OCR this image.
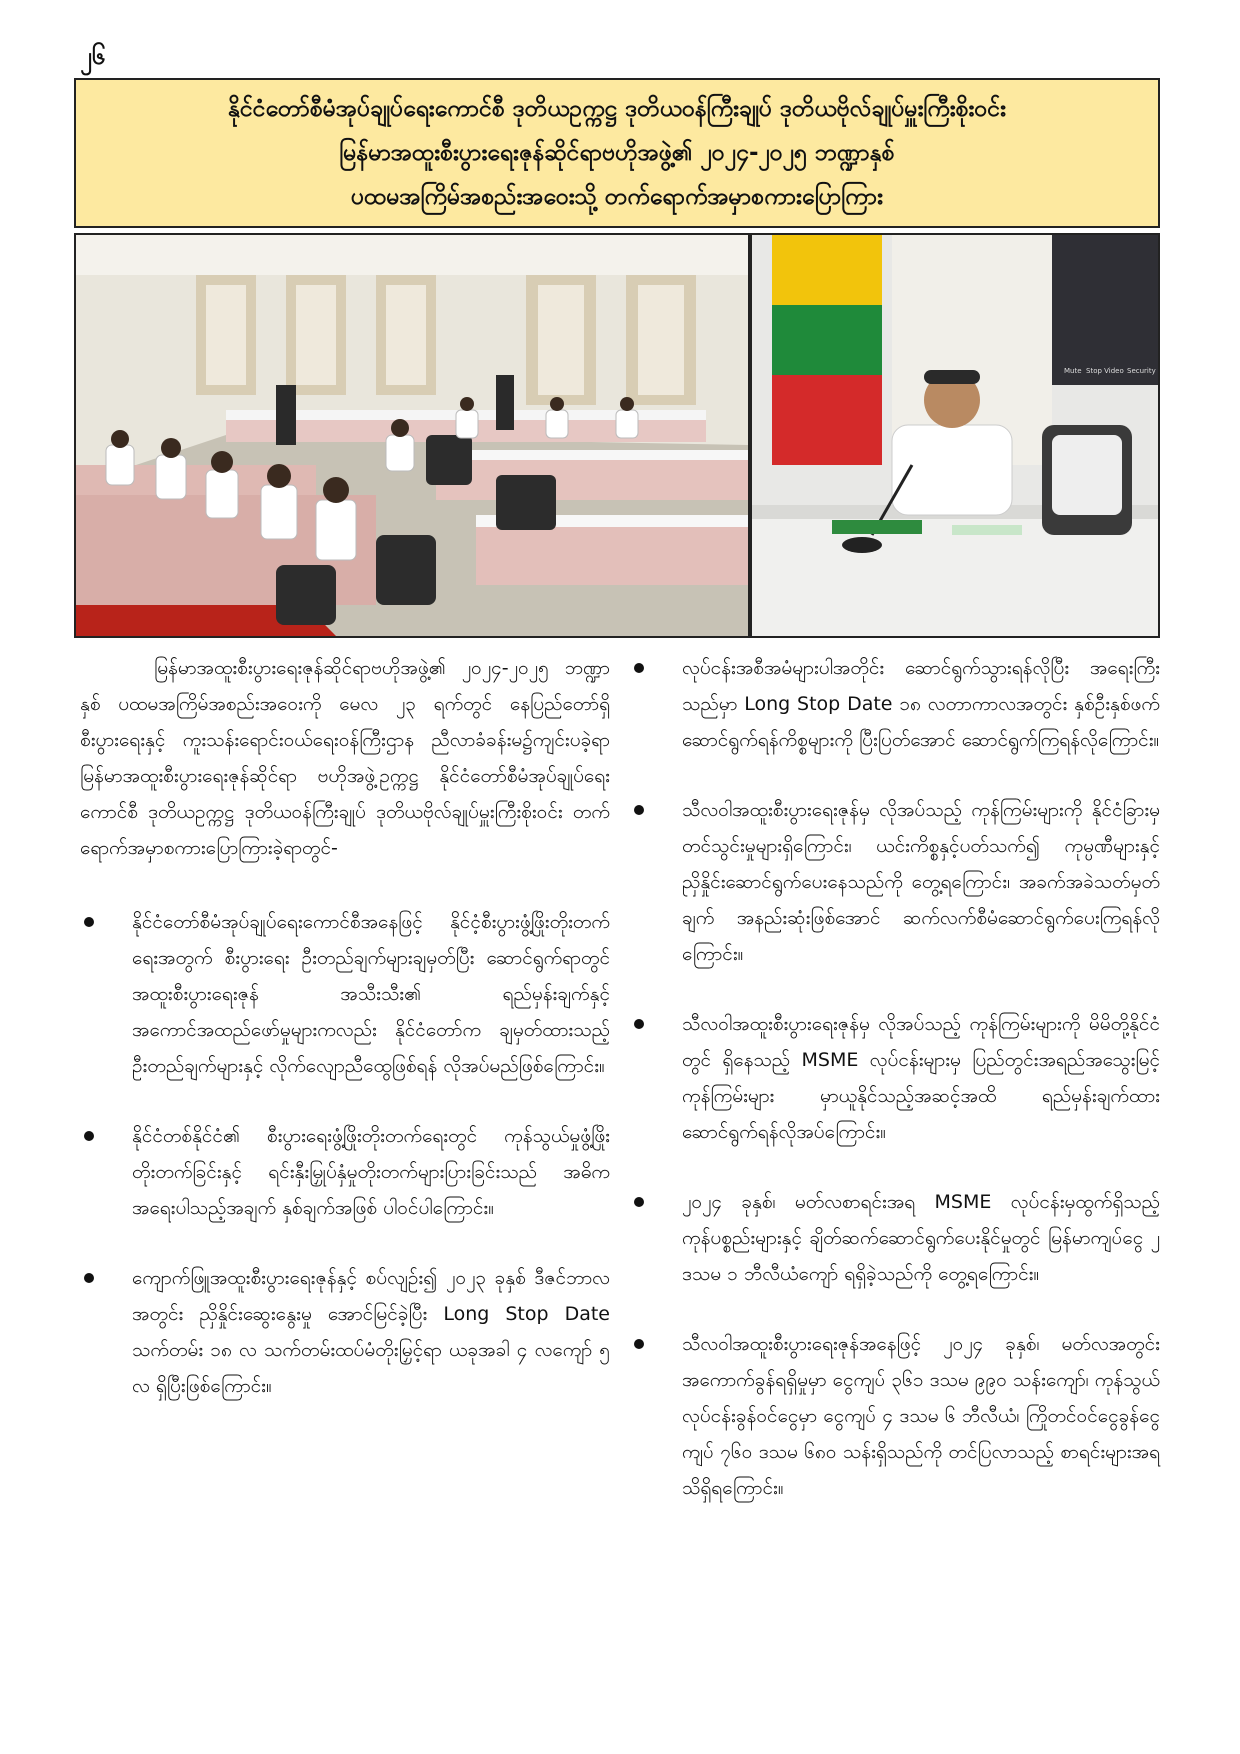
၂၆
နိုင်ငံတော်စီမံအုပ်ချုပ်ရေးကောင်စီ ဒုတိယဥက္ကဋ္ဌ ဒုတိယဝန်ကြီးချုပ် ဒုတိယဗိုလ်ချုပ်မှူးကြီးစိုးဝင်း
မြန်မာအထူးစီးပွားရေးဇုန်ဆိုင်ရာဗဟိုအဖွဲ့၏ ၂၀၂၄-၂၀၂၅ ဘဏ္ဍာနှစ်
ပထမအကြိမ်အစည်းအဝေးသို့ တက်ရောက်အမှာစကားပြောကြား
Mute Stop Video Security

မြန်မာအထူးစီးပွားရေးဇုန်ဆိုင်ရာဗဟိုအဖွဲ့၏ ၂၀၂၄-၂၀၂၅ ဘဏ္ဍာနှစ် ပထမအကြိမ်အစည်းအဝေးကို မေလ ၂၃ ရက်တွင် နေပြည်တော်ရှိ စီးပွားရေးနှင့် ကူးသန်းရောင်းဝယ်ရေးဝန်ကြီးဌာန ညီလာခံခန်းမ၌ကျင်းပခဲ့ရာ မြန်မာအထူးစီးပွားရေးဇုန်ဆိုင်ရာ ဗဟိုအဖွဲ့ဥက္ကဋ္ဌ နိုင်ငံတော်စီမံအုပ်ချုပ်ရေးကောင်စီ ဒုတိယဥက္ကဋ္ဌ ဒုတိယဝန်ကြီးချုပ် ဒုတိယဗိုလ်ချုပ်မှူးကြီးစိုးဝင်း တက်ရောက်အမှာစကားပြောကြားခဲ့ရာတွင်-

နိုင်ငံတော်စီမံအုပ်ချုပ်ရေးကောင်စီအနေဖြင့် နိုင်ငံ့စီးပွားဖွံ့ဖြိုးတိုးတက်ရေးအတွက် စီးပွားရေး ဦးတည်ချက်များချမှတ်ပြီး ဆောင်ရွက်ရာတွင် အထူးစီးပွားရေးဇုန် အသီးသီး၏ ရည်မှန်းချက်နှင့် အကောင်အထည်ဖော်မှုများကလည်း နိုင်ငံတော်က ချမှတ်ထားသည့် ဦးတည်ချက်များနှင့် လိုက်လျောညီထွေဖြစ်ရန် လိုအပ်မည်ဖြစ်ကြောင်း။
နိုင်ငံတစ်နိုင်ငံ၏ စီးပွားရေးဖွံ့ဖြိုးတိုးတက်ရေးတွင် ကုန်သွယ်မှုဖွံ့ဖြိုးတိုးတက်ခြင်းနှင့် ရင်းနှီးမြှုပ်နှံမှုတိုးတက်များပြားခြင်းသည် အဓိကအရေးပါသည့်အချက် နှစ်ချက်အဖြစ် ပါဝင်ပါကြောင်း။
ကျောက်ဖြူအထူးစီးပွားရေးဇုန်နှင့် စပ်လျဉ်း၍ ၂၀၂၃ ခုနှစ် ဒီဇင်ဘာလအတွင်း ညှိနှိုင်းဆွေးနွေးမှု အောင်မြင်ခဲ့ပြီး Long Stop Date သက်တမ်း ၁၈ လ သက်တမ်းထပ်မံတိုးမြှင့်ရာ ယခုအခါ ၄ လကျော် ၅ လ ရှိပြီးဖြစ်ကြောင်း။
လုပ်ငန်းအစီအမံများပါအတိုင်း ဆောင်ရွက်သွားရန်လိုပြီး အရေးကြီးသည်မှာ Long Stop Date ၁၈ လတာကာလအတွင်း နှစ်ဦးနှစ်ဖက်ဆောင်ရွက်ရန်ကိစ္စများကို ပြီးပြတ်အောင် ဆောင်ရွက်ကြရန်လိုကြောင်း။
သီလဝါအထူးစီးပွားရေးဇုန်မှ လိုအပ်သည့် ကုန်ကြမ်းများကို နိုင်ငံခြားမှ တင်သွင်းမှုများရှိကြောင်း၊ ယင်းကိစ္စနှင့်ပတ်သက်၍ ကုမ္ပဏီများနှင့် ညှိနှိုင်းဆောင်ရွက်ပေးနေသည်ကို တွေ့ရကြောင်း၊ အခက်အခဲသတ်မှတ်ချက် အနည်းဆုံးဖြစ်အောင် ဆက်လက်စီမံဆောင်ရွက်ပေးကြရန်လိုကြောင်း။
သီလဝါအထူးစီးပွားရေးဇုန်မှ လိုအပ်သည့် ကုန်ကြမ်းများကို မိမိတို့နိုင်ငံတွင် ရှိနေသည့် MSME လုပ်ငန်းများမှ ပြည်တွင်းအရည်အသွေးမြင့် ကုန်ကြမ်းများ မှာယူနိုင်သည့်အဆင့်အထိ ရည်မှန်းချက်ထား ဆောင်ရွက်ရန်လိုအပ်ကြောင်း။
၂၀၂၄ ခုနှစ်၊ မတ်လစာရင်းအရ MSME လုပ်ငန်းမှထွက်ရှိသည့် ကုန်ပစ္စည်းများနှင့် ချိတ်ဆက်ဆောင်ရွက်ပေးနိုင်မှုတွင် မြန်မာကျပ်ငွေ ၂ ဒသမ ၁ ဘီလီယံကျော် ရရှိခဲ့သည်ကို တွေ့ရကြောင်း။
သီလဝါအထူးစီးပွားရေးဇုန်အနေဖြင့် ၂၀၂၄ ခုနှစ်၊ မတ်လအတွင်း အကောက်ခွန်ရရှိမှုမှာ ငွေကျပ် ၃၆၁ ဒသမ ၉၉၀ သန်းကျော်၊ ကုန်သွယ်လုပ်ငန်းခွန်ဝင်ငွေမှာ ငွေကျပ် ၄ ဒသမ ၆ ဘီလီယံ၊ ကြိုတင်ဝင်ငွေခွန်ငွေကျပ် ၇၆၀ ဒသမ ၆၈၀ သန်းရှိသည်ကို တင်ပြလာသည့် စာရင်းများအရ သိရှိရကြောင်း။
